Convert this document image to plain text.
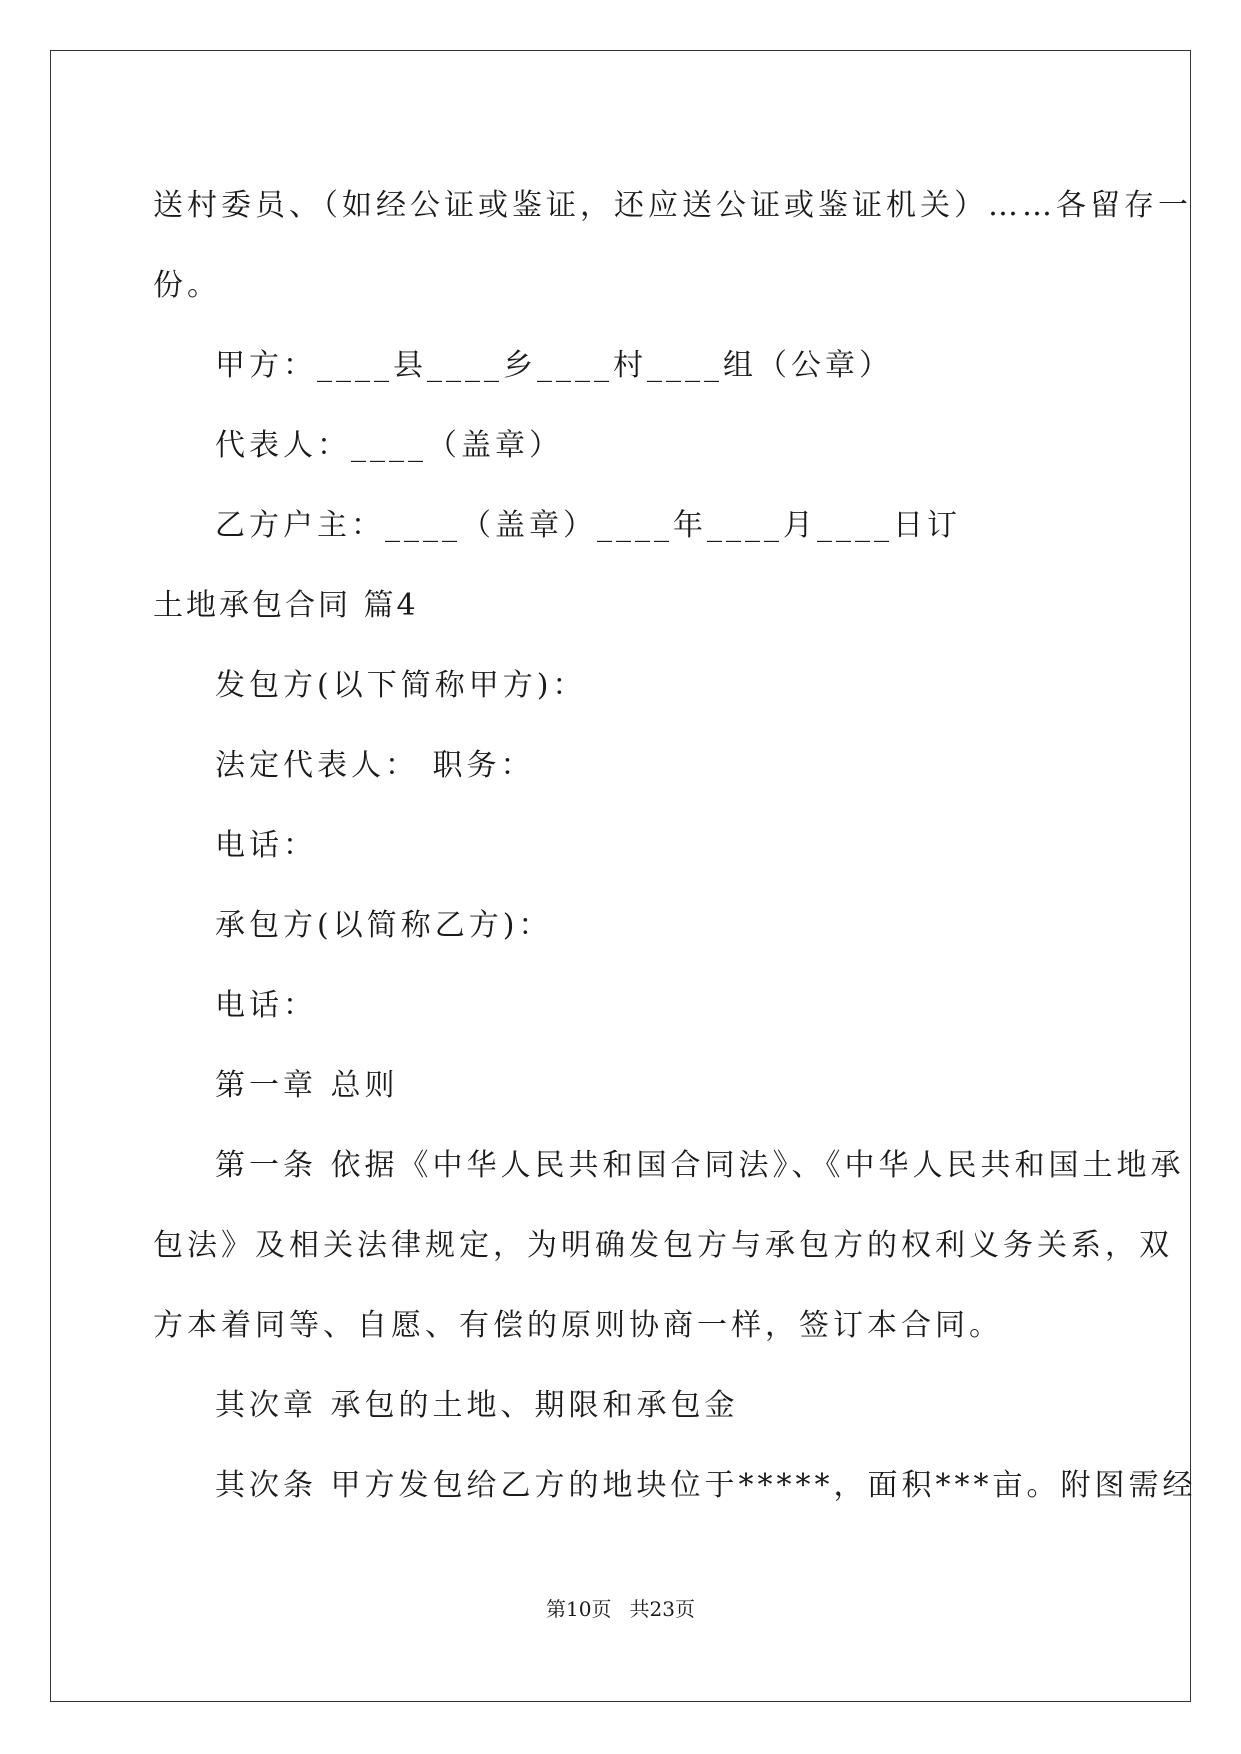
送村委员、（如经公证或鉴证，还应送公证或鉴证机关）……各留存一
份。
甲方：____县____乡____村____组（公章）
代表人：____（盖章）
乙方户主：____（盖章）____年____月____日订
土地承包合同 篇4
发包方(以下简称甲方)：
法定代表人： 职务：
电话：
承包方(以简称乙方)：
电话：
第一章 总则
第一条 依据《中华人民共和国合同法》、《中华人民共和国土地承
包法》及相关法律规定，为明确发包方与承包方的权利义务关系，双
方本着同等、自愿、有偿的原则协商一样，签订本合同。
其次章 承包的土地、期限和承包金
其次条 甲方发包给乙方的地块位于*****，面积***亩。附图需经
第10页 共23页
